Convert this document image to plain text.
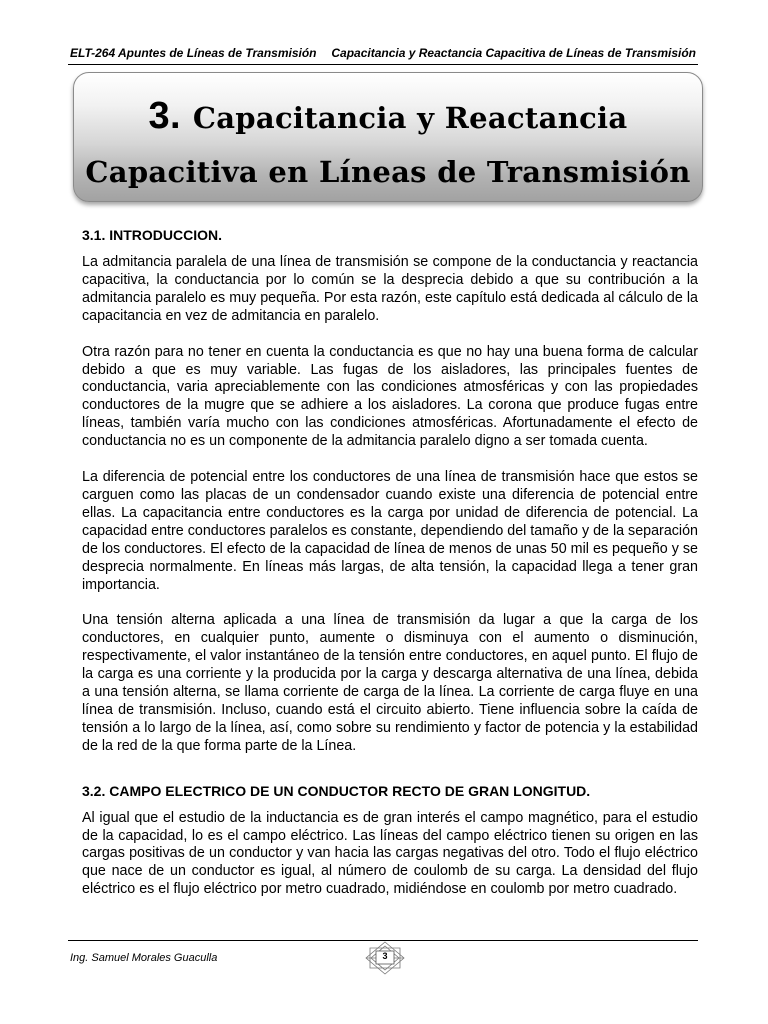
ELT-264 Apuntes de Líneas de Transmisión Capacitancia y Reactancia Capacitiva de Líneas de Transmisión
3. Capacitancia y Reactancia
Capacitiva en Líneas de Transmisión
3.1. INTRODUCCION.

La admitancia paralela de una línea de transmisión se compone de la conductancia y reactancia capacitiva, la conductancia por lo común se la desprecia debido a que su contribución a la admitancia paralelo es muy pequeña. Por esta razón, este capítulo está dedicada al cálculo de la capacitancia en vez de admitancia en paralelo.

Otra razón para no tener en cuenta la conductancia es que no hay una buena forma de calcular debido a que es muy variable. Las fugas de los aisladores, las principales fuentes de conductancia, varia apreciablemente con las condiciones atmosféricas y con las propiedades conductores de la mugre que se adhiere a los aisladores. La corona que produce fugas entre líneas, también varía mucho con las condiciones atmosféricas. Afortunadamente el efecto de conductancia no es un componente de la admitancia paralelo digno a ser tomada cuenta.

La diferencia de potencial entre los conductores de una línea de transmisión hace que estos se carguen como las placas de un condensador cuando existe una diferencia de potencial entre ellas. La capacitancia entre conductores es la carga por unidad de diferencia de potencial. La capacidad entre conductores paralelos es constante, dependiendo del tamaño y de la separación de los conductores. El efecto de la capacidad de línea de menos de unas 50 mil es pequeño y se desprecia normalmente. En líneas más largas, de alta tensión, la capacidad llega a tener gran importancia.

Una tensión alterna aplicada a una línea de transmisión da lugar a que la carga de los conductores, en cualquier punto, aumente o disminuya con el aumento o disminución, respectivamente, el valor instantáneo de la tensión entre conductores, en aquel punto. El flujo de la carga es una corriente y la producida por la carga y descarga alternativa de una línea, debida a una tensión alterna, se llama corriente de carga de la línea. La corriente de carga fluye en una línea de transmisión. Incluso, cuando está el circuito abierto. Tiene influencia sobre la caída de tensión a lo largo de la línea, así, como sobre su rendimiento y factor de potencia y la estabilidad de la red de la que forma parte de la Línea.

3.2. CAMPO ELECTRICO DE UN CONDUCTOR RECTO DE GRAN LONGITUD.

Al igual que el estudio de la inductancia es de gran interés el campo magnético, para el estudio de la capacidad, lo es el campo eléctrico. Las líneas del campo eléctrico tienen su origen en las cargas positivas de un conductor y van hacia las cargas negativas del otro. Todo el flujo eléctrico que nace de un conductor es igual, al número de coulomb de su carga. La densidad del flujo eléctrico es el flujo eléctrico por metro cuadrado, midiéndose en coulomb por metro cuadrado.

Ing. Samuel Morales Guaculla	3
